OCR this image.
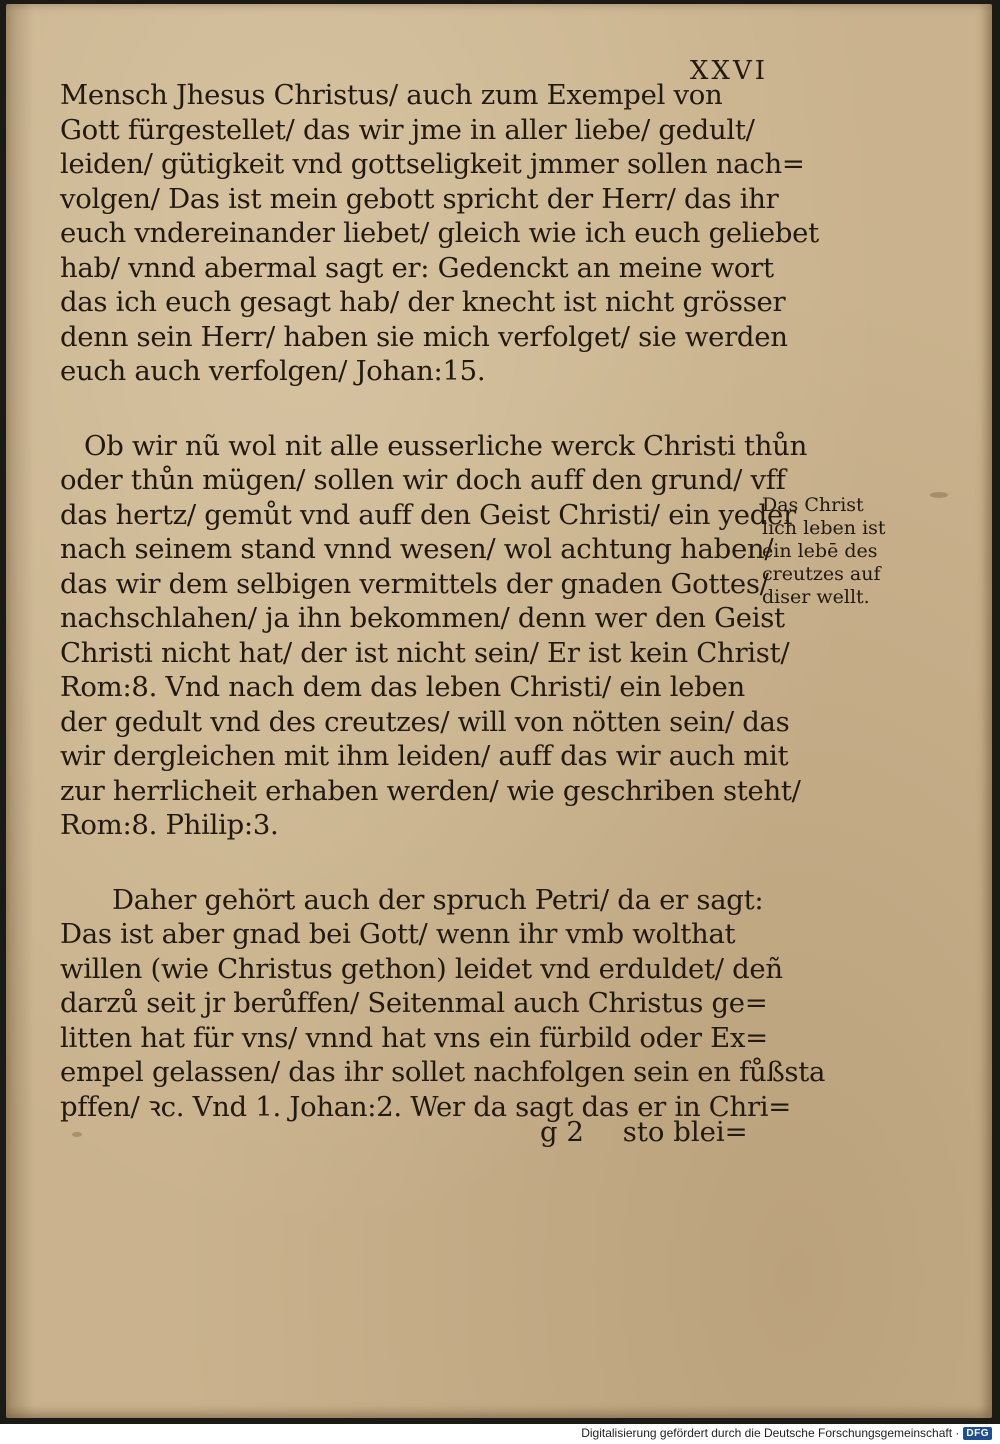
XXVI
Mensch Jhesus Christus/ auch zum Exempel von
Gott fürgestellet/ das wir jme in aller liebe/ gedult/
leiden/ gütigkeit vnd gottseligkeit jmmer sollen nach=
volgen/ Das ist mein gebott spricht der Herr/ das ihr
euch vndereinander liebet/ gleich wie ich euch geliebet
hab/ vnnd abermal sagt er: Gedenckt an meine wort
das ich euch gesagt hab/ der knecht ist nicht grösser
denn sein Herr/ haben sie mich verfolget/ sie werden
euch auch verfolgen/ Johan:15.
Ob wir nũ wol nit alle eusserliche werck Christi thůn
oder thůn mügen/ sollen wir doch auff den grund/ vff
das hertz/ gemůt vnd auff den Geist Christi/ ein yeder
nach seinem stand vnnd wesen/ wol achtung haben/
das wir dem selbigen vermittels der gnaden Gottes/
nachschlahen/ ja ihn bekommen/ denn wer den Geist
Christi nicht hat/ der ist nicht sein/ Er ist kein Christ/
Rom:8. Vnd nach dem das leben Christi/ ein leben
der gedult vnd des creutzes/ will von nötten sein/ das
wir dergleichen mit ihm leiden/ auff das wir auch mit
zur herrlicheit erhaben werden/ wie geschriben steht/
Rom:8. Philip:3.
Daher gehört auch der spruch Petri/ da er sagt:
Das ist aber gnad bei Gott/ wenn ihr vmb wolthat
willen (wie Christus gethon) leidet vnd erduldet/ deñ
darzů seit jr berůffen/ Seitenmal auch Christus ge=
litten hat für vns/ vnnd hat vns ein fürbild oder Ex=
empel gelassen/ das ihr sollet nachfolgen sein en fůßsta
pffen/ ꝛc. Vnd 1. Johan:2. Wer da sagt das er in Chri=
Das Christ
lich leben ist
ein lebē des
creutzes auf
diser wellt.
g 2 sto blei=
Digitalisierung gefördert durch die Deutsche Forschungsgemeinschaft · DFG
